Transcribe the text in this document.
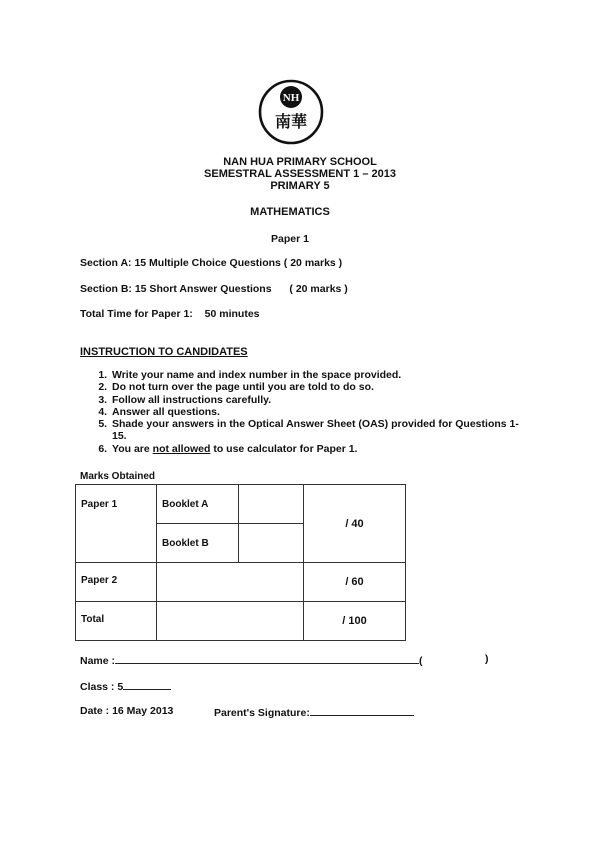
NH
南華
NAN HUA PRIMARY SCHOOL
SEMESTRAL ASSESSMENT 1 – 2013
PRIMARY 5
MATHEMATICS
Paper 1
Section A: 15 Multiple Choice Questions ( 20 marks )
Section B: 15 Short Answer Questions ( 20 marks )
Total Time for Paper 1: 50 minutes
INSTRUCTION TO CANDIDATES
1. Write your name and index number in the space provided.
2. Do not turn over the page until you are told to do so.
3. Follow all instructions carefully.
4. Answer all questions.
5. Shade your answers in the Optical Answer Sheet (OAS) provided for Questions 1-15.
6. You are not allowed to use calculator for Paper 1.
Marks Obtained
Paper 1	Booklet A		/ 40
	Booklet B		
Paper 2			/ 60
Total			/ 100
Name :	(	)
Class : 5
Date : 16 May 2013	Parent's Signature:
